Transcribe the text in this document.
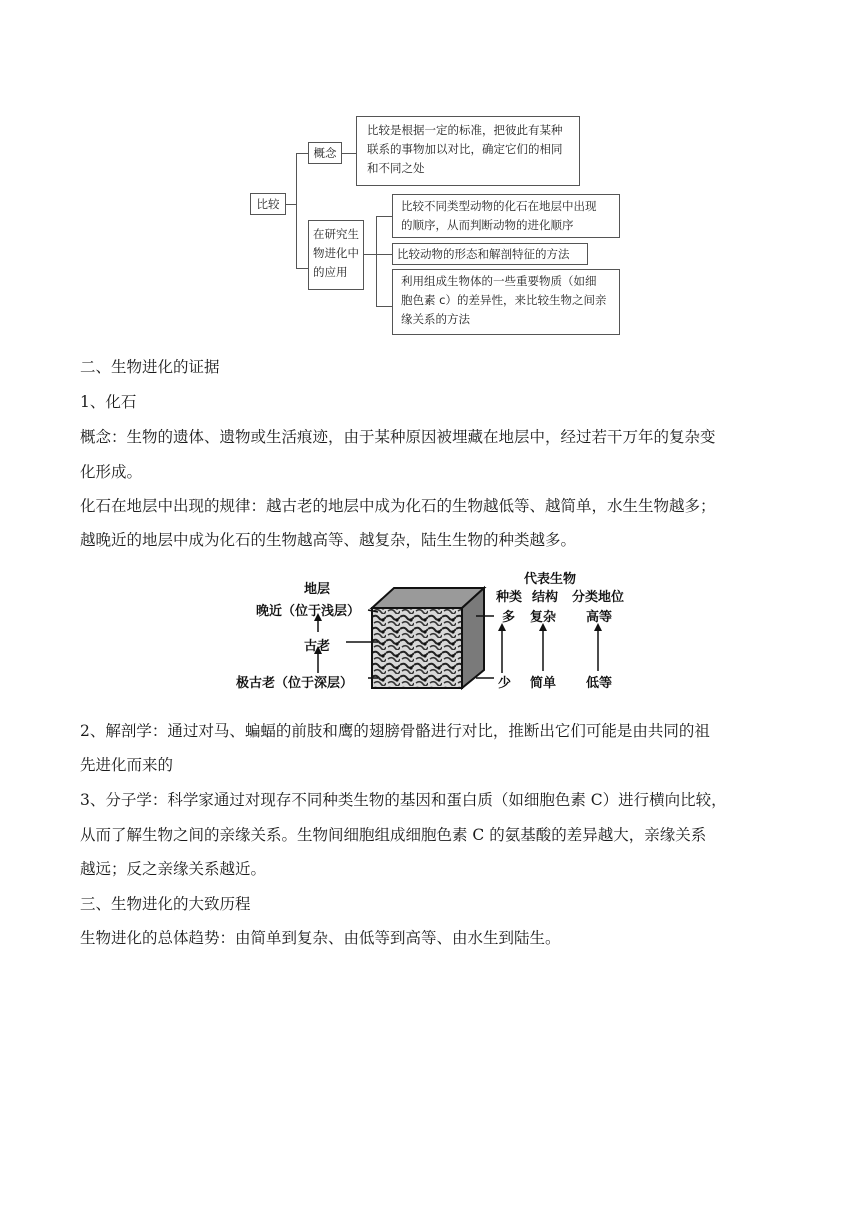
比较
概念
比较是根据一定的标准，把彼此有某种
联系的事物加以对比，确定它们的相同
和不同之处
在研究生
物进化中
的应用
比较不同类型动物的化石在地层中出现
的顺序，从而判断动物的进化顺序
比较动物的形态和解剖特征的方法
利用组成生物体的一些重要物质（如细
胞色素 c）的差异性，来比较生物之间亲
缘关系的方法
二、生物进化的证据
1、化石
概念：生物的遗体、遗物或生活痕迹，由于某种原因被埋藏在地层中，经过若干万年的复杂变
化形成。
化石在地层中出现的规律：越古老的地层中成为化石的生物越低等、越简单，水生生物越多；
越晚近的地层中成为化石的生物越高等、越复杂，陆生生物的种类越多。
地层
晚近（位于浅层）
古老
极古老（位于深层）
代表生物
种类 结构 分类地位
多 复杂 高等
少 简单 低等
2、解剖学：通过对马、蝙蝠的前肢和鹰的翅膀骨骼进行对比，推断出它们可能是由共同的祖
先进化而来的
3、分子学：科学家通过对现存不同种类生物的基因和蛋白质（如细胞色素 C）进行横向比较，
从而了解生物之间的亲缘关系。生物间细胞组成细胞色素 C 的氨基酸的差异越大，亲缘关系
越远；反之亲缘关系越近。
三、生物进化的大致历程
生物进化的总体趋势：由简单到复杂、由低等到高等、由水生到陆生。
